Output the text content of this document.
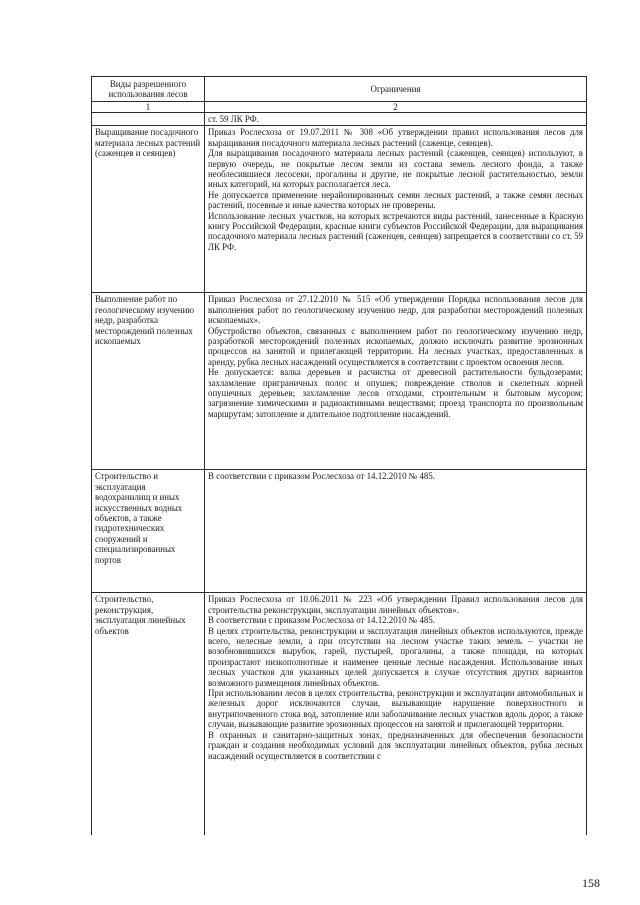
Виды разрешенного использования лесов	Ограничения
1	2

	ст. 59 ЛК РФ.

Выращивание посадочного материала лесных растений (саженцев и сеянцев)	Приказ Рослесхоза от 19.07.2011 № 308 «Об утверждении правил использования лесов для выращивания посадочного материала лесных растений (саженце, сеянцев).

Для выращивания посадочного материала лесных растений (саженцев, сеянцев) используют, в первую очередь, не покрытые лесом земли из состава земель лесного фонда, а также необлесившиеся лесосеки, прогалины и другие, не покрытые лесной растительностью, земли иных категорий, на которых располагается леса.

Не допускается применение нерайонированных семян лесных растений, а также семян лесных растений, посевные и иные качества которых не проверены.

Использование лесных участков, на которых встречаются виды растений, занесенные в Красную книгу Российской Федерации, красные книги субъектов Российской Федерации, для выращивания посадочного материала лесных растений (саженцев, сеянцев) запрещается в соответствии со ст. 59 ЛК РФ.

Выполнение работ по геологическому изучению недр, разработка месторождений полезных ископаемых	Приказ Рослесхоза от 27.12.2010 № 515 «Об утверждении Порядка использования лесов для выполнения работ по геологическому изучению недр, для разработки месторождений полезных ископаемых».

Обустройство объектов, связанных с выполнением работ по геологическому изучению недр, разработкой месторождений полезных ископаемых, должно исключать развитие эрозионных процессов на занятой и прилегающей территории. На лесных участках, предоставленных в аренду, рубка лесных насаждений осуществляется в соответствии с проектом освоения лесов.

Не допускается: валка деревьев и расчистка от древесной растительности бульдозерами; захламление приграничных полос и опушек; повреждение стволов и скелетных корней опушечных деревьев; захламление лесов отходами, строительным и бытовым мусором; загрязнение химическими и радиоактивными веществами; проезд транспорта по произвольным маршрутам; затопление и длительное подтопление насаждений.

Строительство и эксплуатация водохранилищ и иных искусственных водных объектов, а также гидротехнических сооружений и специализированных портов	В соответствии с приказом Рослесхоза от 14.12.2010 № 485.

Строительство, реконструкция, эксплуатация линейных объектов	Приказ Рослесхоза от 10.06.2011 № 223 «Об утверждении Правил использования лесов для строительства реконструкции, эксплуатации линейных объектов».

В соответствии с приказом Рослесхоза от 14.12.2010 № 485.

В целях строительства, реконструкции и эксплуатация линейных объектов используются, прежде всего, нелесные земли, а при отсутствии на лесном участке таких земель – участки не возобновившихся вырубок, гарей, пустырей, прогалины, а также площади, на которых произрастают низкополнотные и наименее ценные лесные насаждения. Использование иных лесных участков для указанных целей допускается в случае отсутствия других вариантов возможного размещения линейных объектов.

При использовании лесов в целях строительства, реконструкции и эксплуатации автомобильных и железных дорог исключаются случаи, вызывающие нарушение поверхностного и внутрипочвенного стока вод, затопление или заболачивание лесных участков вдоль дорог, а также случаи, вызывающие развитие эрозионных процессов на занятой и прилегающей территории.

В охранных и санитарно-защитных зонах, предназначенных для обеспечения безопасности граждан и создания необходимых условий для эксплуатации линейных объектов, рубка лесных насаждений осуществляется в соответствии с

158
